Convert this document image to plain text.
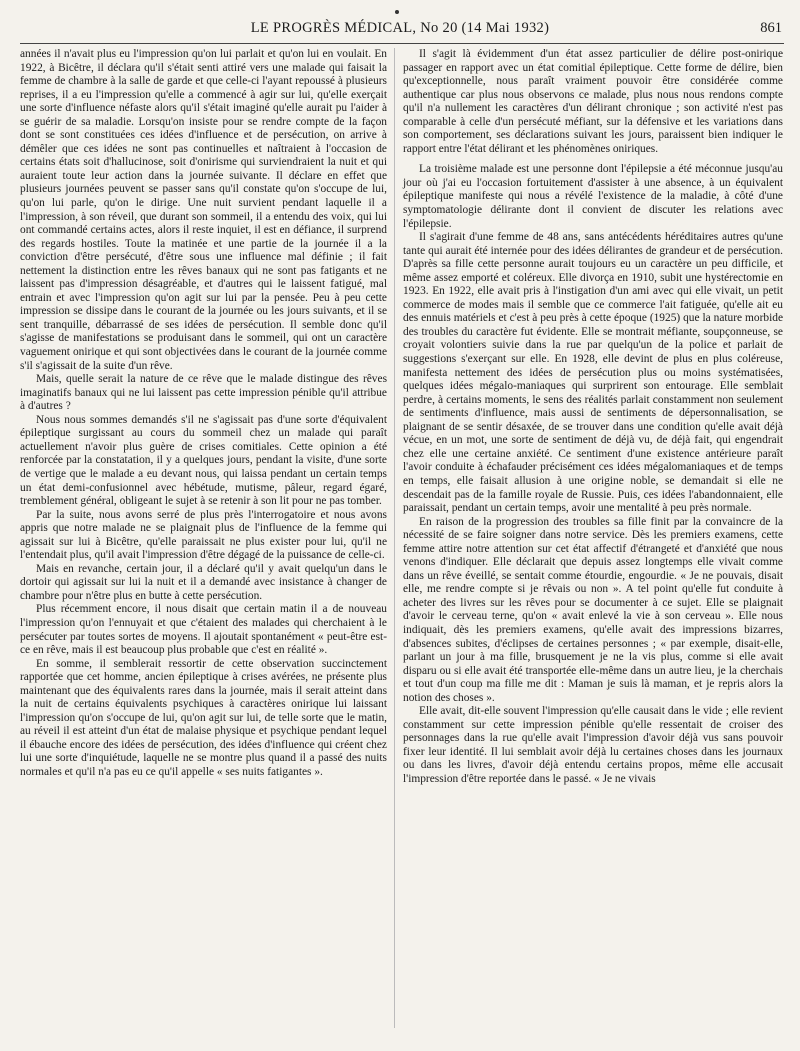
LE PROGRÈS MÉDICAL, No 20 (14 Mai 1932)	861

années il n'avait plus eu l'impression qu'on lui parlait et qu'on lui en voulait. En 1922, à Bicêtre, il déclara qu'il s'était senti attiré vers une malade qui faisait la femme de chambre à la salle de garde et que celle-ci l'ayant repoussé à plusieurs reprises, il a eu l'impression qu'elle a commencé à agir sur lui, qu'elle exerçait une sorte d'influence néfaste alors qu'il s'était imaginé qu'elle aurait pu l'aider à se guérir de sa maladie. Lorsqu'on insiste pour se rendre compte de la façon dont se sont constituées ces idées d'influence et de persécution, on arrive à démêler que ces idées ne sont pas continuelles et naîtraient à l'occasion de certains états soit d'hallucinose, soit d'onirisme qui surviendraient la nuit et qui auraient toute leur action dans la journée suivante. Il déclare en effet que plusieurs journées peuvent se passer sans qu'il constate qu'on s'occupe de lui, qu'on lui parle, qu'on le dirige. Une nuit survient pendant laquelle il a l'impression, à son réveil, que durant son sommeil, il a entendu des voix, qui lui ont commandé certains actes, alors il reste inquiet, il est en défiance, il surprend des regards hostiles. Toute la matinée et une partie de la journée il a la conviction d'être persécuté, d'être sous une influence mal définie ; il fait nettement la distinction entre les rêves banaux qui ne sont pas fatigants et ne laissent pas d'impression désagréable, et d'autres qui le laissent fatigué, mal entrain et avec l'impression qu'on agit sur lui par la pensée. Peu à peu cette impression se dissipe dans le courant de la journée ou les jours suivants, et il se sent tranquille, débarrassé de ses idées de persécution. Il semble donc qu'il s'agisse de manifestations se produisant dans le sommeil, qui ont un caractère vaguement onirique et qui sont objectivées dans le courant de la journée comme s'il s'agissait de la suite d'un rêve.

Mais, quelle serait la nature de ce rêve que le malade distingue des rêves imaginatifs banaux qui ne lui laissent pas cette impression pénible qu'il attribue à d'autres ?

Nous nous sommes demandés s'il ne s'agissait pas d'une sorte d'équivalent épileptique surgissant au cours du sommeil chez un malade qui paraît actuellement n'avoir plus guère de crises comitiales. Cette opinion a été renforcée par la constatation, il y a quelques jours, pendant la visite, d'une sorte de vertige que le malade a eu devant nous, qui laissa pendant un certain temps un état demi-confusionnel avec hébétude, mutisme, pâleur, regard égaré, tremblement général, obligeant le sujet à se retenir à son lit pour ne pas tomber.

Par la suite, nous avons serré de plus près l'interrogatoire et nous avons appris que notre malade ne se plaignait plus de l'influence de la femme qui agissait sur lui à Bicêtre, qu'elle paraissait ne plus exister pour lui, qu'il ne l'entendait plus, qu'il avait l'impression d'être dégagé de la puissance de celle-ci.

Mais en revanche, certain jour, il a déclaré qu'il y avait quelqu'un dans le dortoir qui agissait sur lui la nuit et il a demandé avec insistance à changer de chambre pour n'être plus en butte à cette persécution.

Plus récemment encore, il nous disait que certain matin il a de nouveau l'impression qu'on l'ennuyait et que c'étaient des malades qui cherchaient à le persécuter par toutes sortes de moyens. Il ajoutait spontanément « peut-être est-ce en rêve, mais il est beaucoup plus probable que c'est en réalité ».

En somme, il semblerait ressortir de cette observation succinctement rapportée que cet homme, ancien épileptique à crises avérées, ne présente plus maintenant que des équivalents rares dans la journée, mais il serait atteint dans la nuit de certains équivalents psychiques à caractères onirique lui laissant l'impression qu'on s'occupe de lui, qu'on agit sur lui, de telle sorte que le matin, au réveil il est atteint d'un état de malaise physique et psychique pendant lequel il ébauche encore des idées de persécution, des idées d'influence qui créent chez lui une sorte d'inquiétude, laquelle ne se montre plus quand il a passé des nuits normales et qu'il n'a pas eu ce qu'il appelle « ses nuits fatigantes ».

Il s'agit là évidemment d'un état assez particulier de délire post-onirique passager en rapport avec un état comitial épileptique. Cette forme de délire, bien qu'exceptionnelle, nous paraît vraiment pouvoir être considérée comme authentique car plus nous observons ce malade, plus nous nous rendons compte qu'il n'a nullement les caractères d'un délirant chronique ; son activité n'est pas comparable à celle d'un persécuté méfiant, sur la défensive et les variations dans son comportement, ses déclarations suivant les jours, paraissent bien indiquer le rapport entre l'état délirant et les phénomènes oniriques.

La troisième malade est une personne dont l'épilepsie a été méconnue jusqu'au jour où j'ai eu l'occasion fortuitement d'assister à une absence, à un équivalent épileptique manifeste qui nous a révélé l'existence de la maladie, à côté d'une symptomatologie délirante dont il convient de discuter les relations avec l'épilepsie.

Il s'agirait d'une femme de 48 ans, sans antécédents héréditaires autres qu'une tante qui aurait été internée pour des idées délirantes de grandeur et de persécution. D'après sa fille cette personne aurait toujours eu un caractère un peu difficile, et même assez emporté et coléreux. Elle divorça en 1910, subit une hystérectomie en 1923. En 1922, elle avait pris à l'instigation d'un ami avec qui elle vivait, un petit commerce de modes mais il semble que ce commerce l'ait fatiguée, qu'elle ait eu des ennuis matériels et c'est à peu près à cette époque (1925) que la nature morbide des troubles du caractère fut évidente. Elle se montrait méfiante, soupçonneuse, se croyait volontiers suivie dans la rue par quelqu'un de la police et parlait de suggestions s'exerçant sur elle. En 1928, elle devint de plus en plus coléreuse, manifesta nettement des idées de persécution plus ou moins systématisées, quelques idées mégalo-maniaques qui surprirent son entourage. Elle semblait perdre, à certains moments, le sens des réalités parlait constamment non seulement de sentiments d'influence, mais aussi de sentiments de dépersonnalisation, se plaignant de se sentir désaxée, de se trouver dans une condition qu'elle avait déjà vécue, en un mot, une sorte de sentiment de déjà vu, de déjà fait, qui engendrait chez elle une certaine anxiété. Ce sentiment d'une existence antérieure paraît l'avoir conduite à échafauder précisément ces idées mégalomaniaques et de temps en temps, elle faisait allusion à une origine noble, se demandait si elle ne descendait pas de la famille royale de Russie. Puis, ces idées l'abandonnaient, elle paraissait, pendant un certain temps, avoir une mentalité à peu près normale.

En raison de la progression des troubles sa fille finit par la convaincre de la nécessité de se faire soigner dans notre service. Dès les premiers examens, cette femme attire notre attention sur cet état affectif d'étrangeté et d'anxiété que nous venons d'indiquer. Elle déclarait que depuis assez longtemps elle vivait comme dans un rêve éveillé, se sentait comme étourdie, engourdie. « Je ne pouvais, disait elle, me rendre compte si je rêvais ou non ». A tel point qu'elle fut conduite à acheter des livres sur les rêves pour se documenter à ce sujet. Elle se plaignait d'avoir le cerveau terne, qu'on « avait enlevé la vie à son cerveau ». Elle nous indiquait, dès les premiers examens, qu'elle avait des impressions bizarres, d'absences subites, d'éclipses de certaines personnes ; « par exemple, disait-elle, parlant un jour à ma fille, brusquement je ne la vis plus, comme si elle avait disparu ou si elle avait été transportée elle-même dans un autre lieu, je la cherchais et tout d'un coup ma fille me dit : Maman je suis là maman, et je repris alors la notion des choses ».

Elle avait, dit-elle souvent l'impression qu'elle causait dans le vide ; elle revient constamment sur cette impression pénible qu'elle ressentait de croiser des personnages dans la rue qu'elle avait l'impression d'avoir déjà vus sans pouvoir fixer leur identité. Il lui semblait avoir déjà lu certaines choses dans les journaux ou dans les livres, d'avoir déjà entendu certains propos, même elle accusait l'impression d'être reportée dans le passé. « Je ne vivais
